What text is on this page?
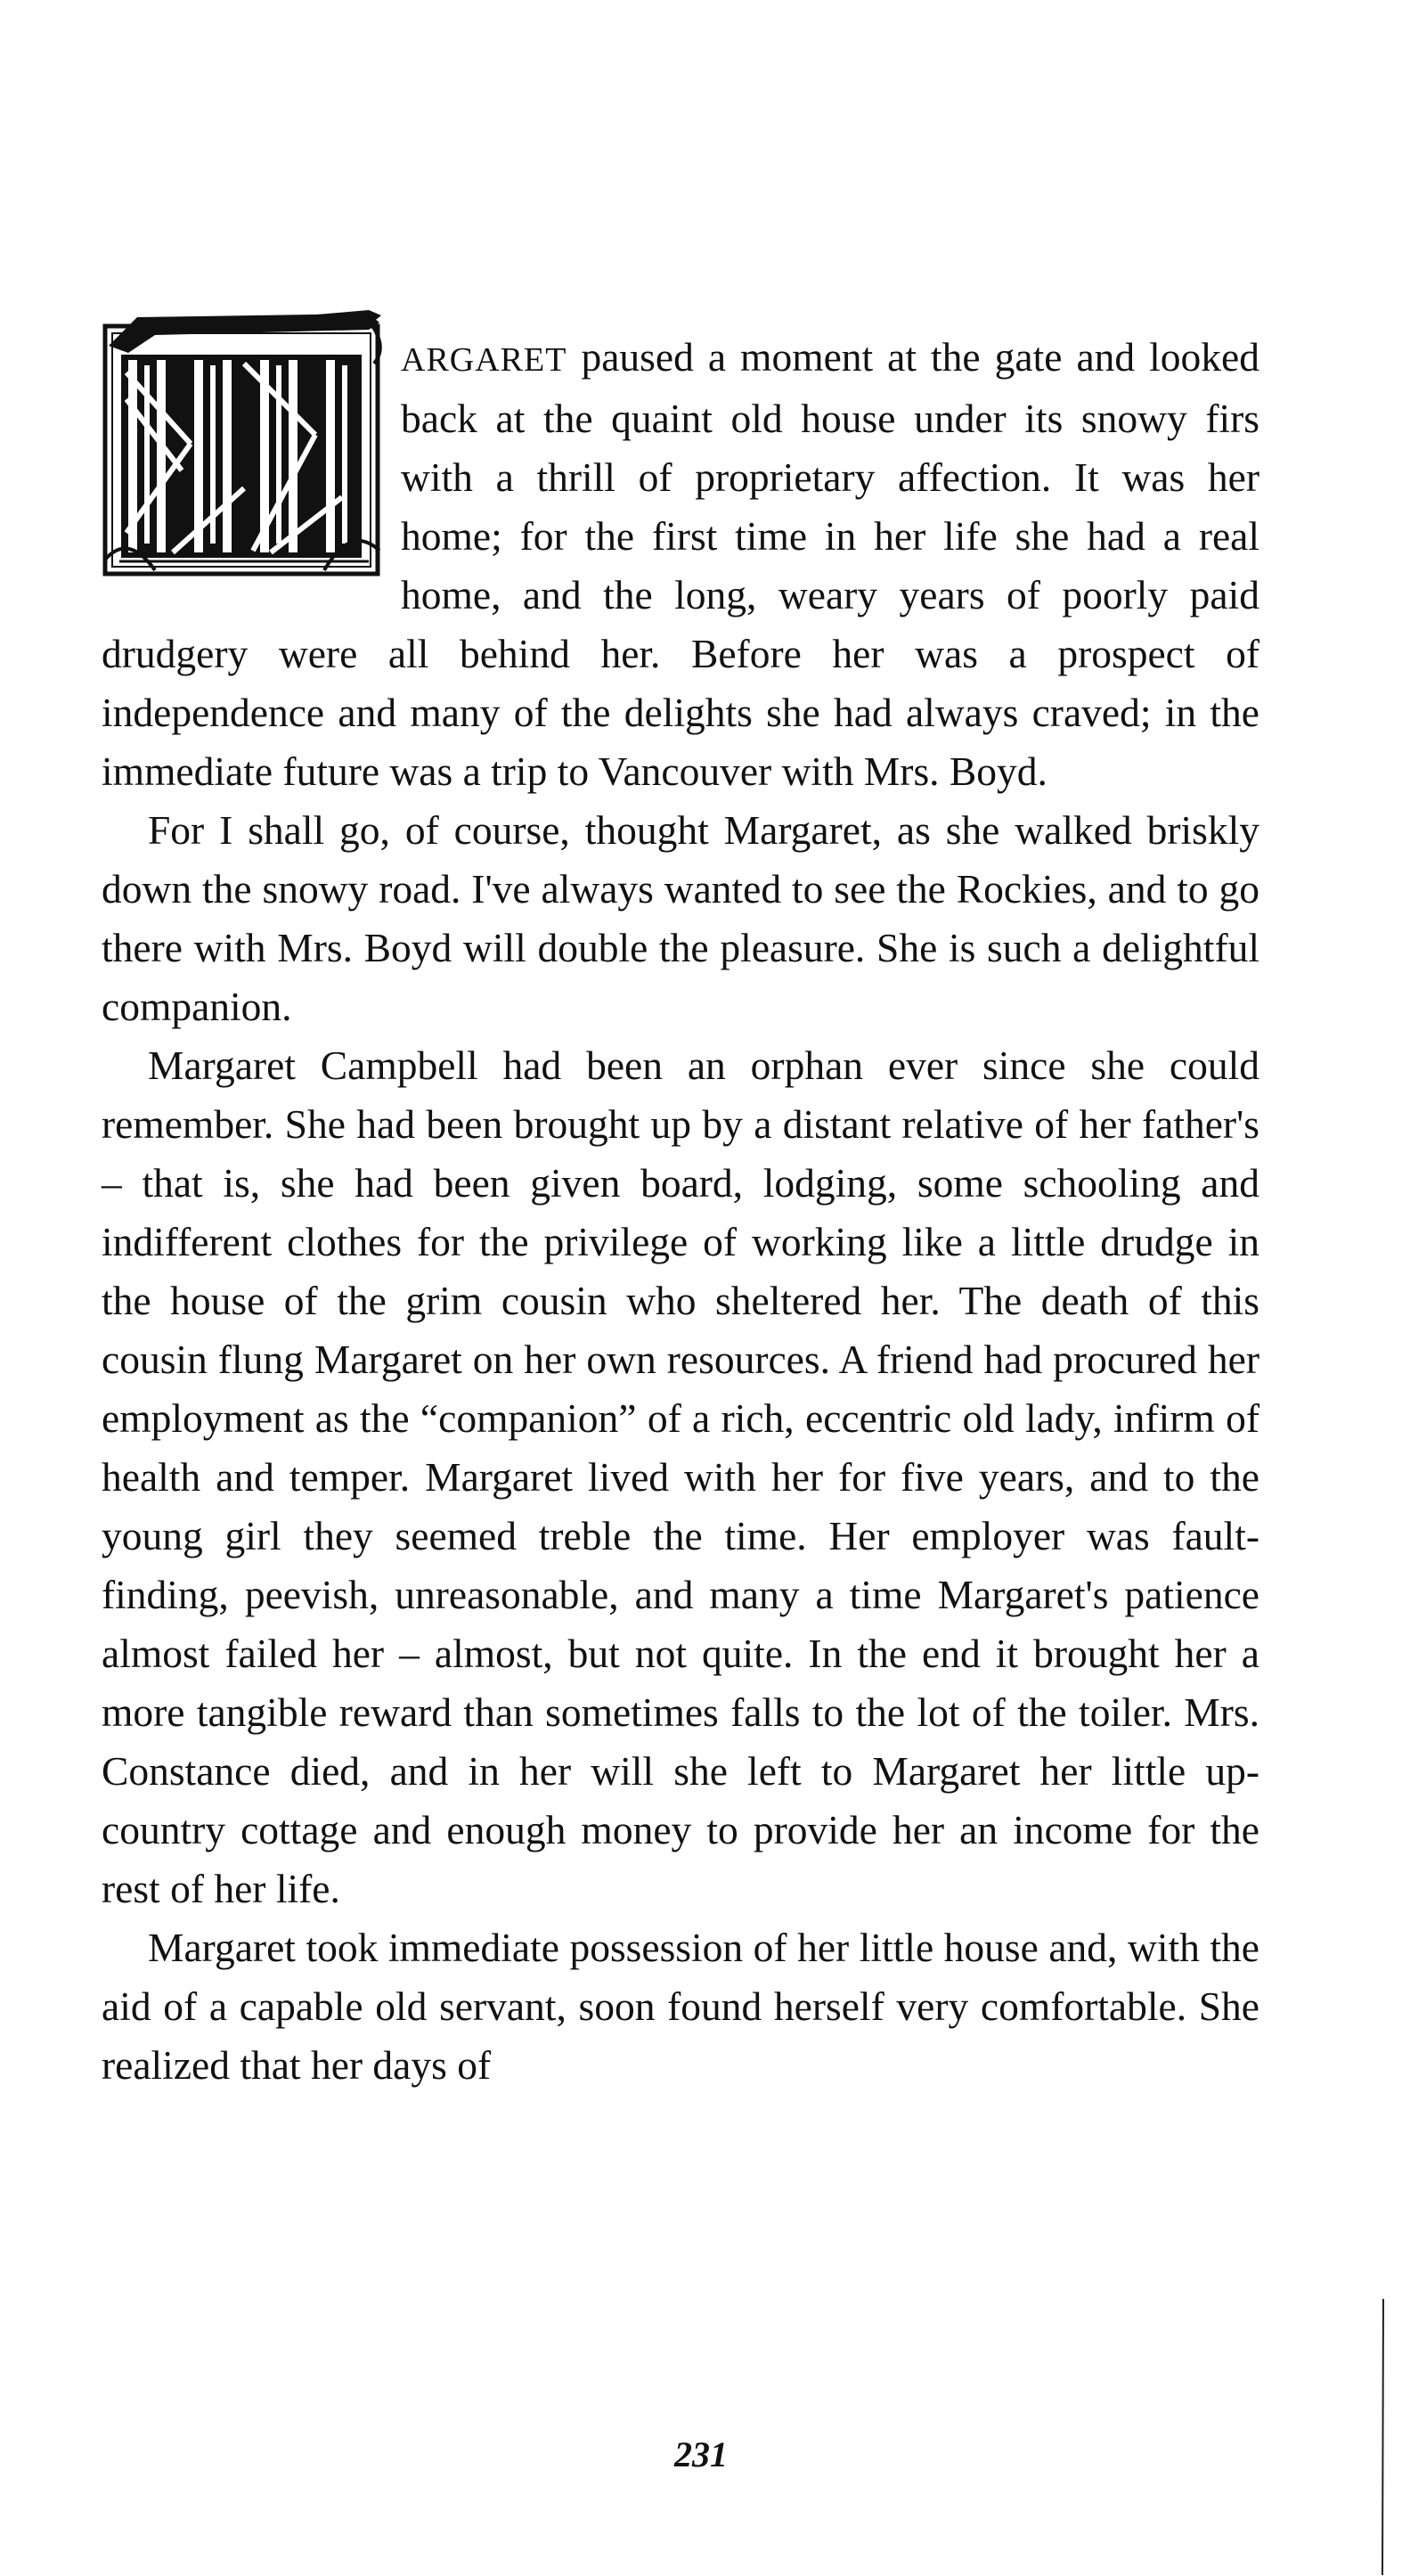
ARGARET paused a moment at the gate and looked back at the quaint old house under its snowy firs with a thrill of proprietary affection. It was her home; for the first time in her life she had a real home, and the long, weary years of poorly paid drudgery were all behind her. Before her was a prospect of independence and many of the delights she had always craved; in the immediate future was a trip to Vancouver with Mrs. Boyd.

For I shall go, of course, thought Margaret, as she walked briskly down the snowy road. I've always wanted to see the Rockies, and to go there with Mrs. Boyd will double the pleasure. She is such a delightful companion.

Margaret Campbell had been an orphan ever since she could remember. She had been brought up by a distant relative of her father's – that is, she had been given board, lodging, some schooling and indifferent clothes for the privilege of working like a little drudge in the house of the grim cousin who sheltered her. The death of this cousin flung Margaret on her own resources. A friend had procured her employment as the “companion” of a rich, eccentric old lady, infirm of health and temper. Margaret lived with her for five years, and to the young girl they seemed treble the time. Her employer was fault-finding, peevish, unreasonable, and many a time Margaret's patience almost failed her – almost, but not quite. In the end it brought her a more tangible reward than sometimes falls to the lot of the toiler. Mrs. Constance died, and in her will she left to Margaret her little up-country cottage and enough money to provide her an income for the rest of her life.

Margaret took immediate possession of her little house and, with the aid of a capable old servant, soon found herself very comfortable. She realized that her days of

231
